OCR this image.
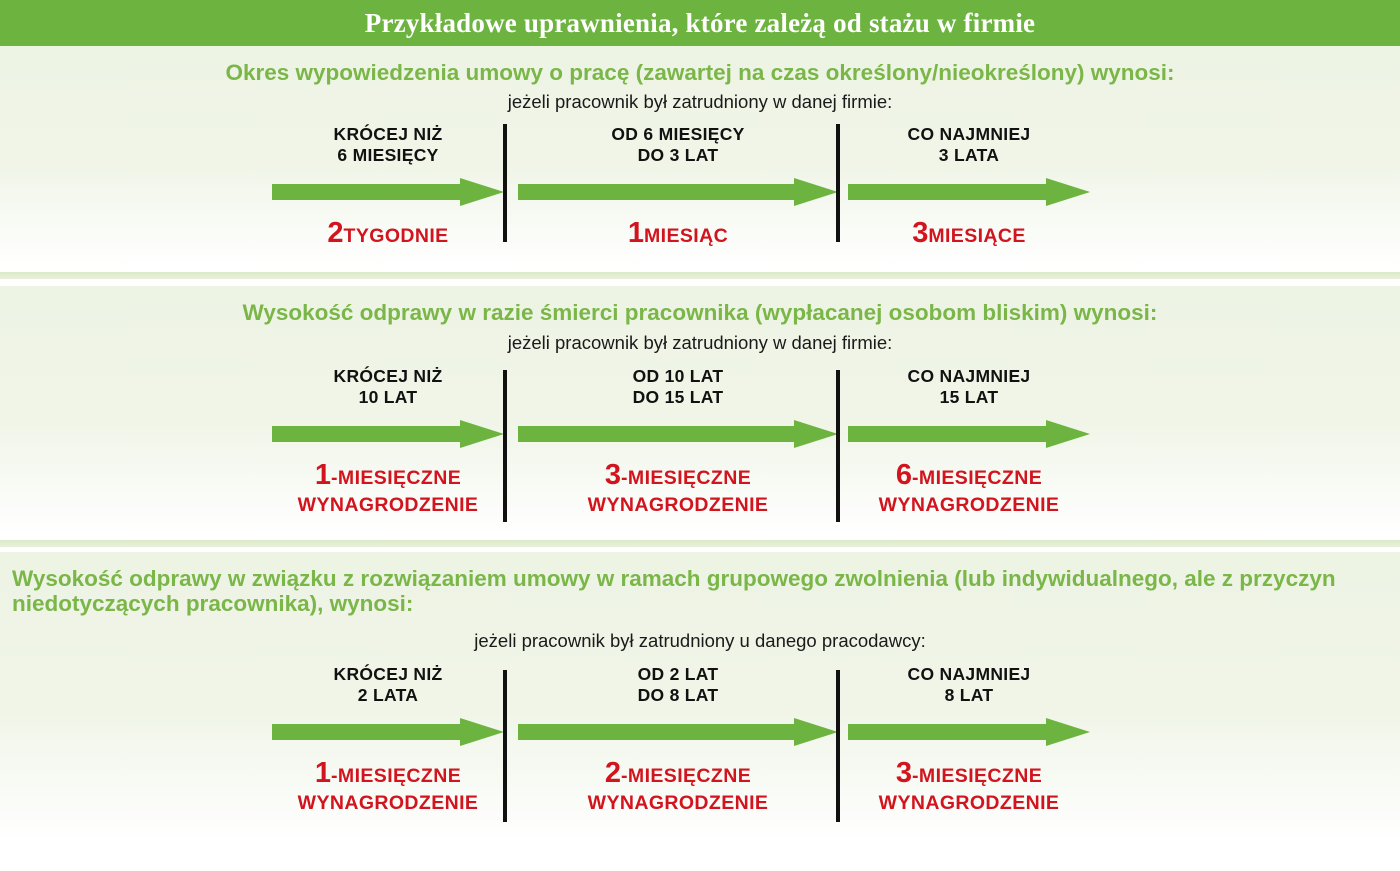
Przykładowe uprawnienia, które zależą od stażu w firmie
Okres wypowiedzenia umowy o pracę (zawartej na czas określony/nieokreślony) wynosi:
jeżeli pracownik był zatrudniony w danej firmie:
KRÓCEJ NIŻ
6 MIESIĘCY
2TYGODNIE
OD 6 MIESIĘCY
DO 3 LAT
1MIESIĄC
CO NAJMNIEJ
3 LATA
3MIESIĄCE
Wysokość odprawy w razie śmierci pracownika (wypłacanej osobom bliskim) wynosi:
jeżeli pracownik był zatrudniony w danej firmie:
KRÓCEJ NIŻ
10 LAT
1-MIESIĘCZNE
WYNAGRODZENIE
OD 10 LAT
DO 15 LAT
3-MIESIĘCZNE
WYNAGRODZENIE
CO NAJMNIEJ
15 LAT
6-MIESIĘCZNE
WYNAGRODZENIE
Wysokość odprawy w związku z rozwiązaniem umowy w ramach grupowego zwolnienia (lub indywidualnego, ale z przyczyn niedotyczących pracownika), wynosi:
jeżeli pracownik był zatrudniony u danego pracodawcy:
KRÓCEJ NIŻ
2 LATA
1-MIESIĘCZNE
WYNAGRODZENIE
OD 2 LAT
DO 8 LAT
2-MIESIĘCZNE
WYNAGRODZENIE
CO NAJMNIEJ
8 LAT
3-MIESIĘCZNE
WYNAGRODZENIE
